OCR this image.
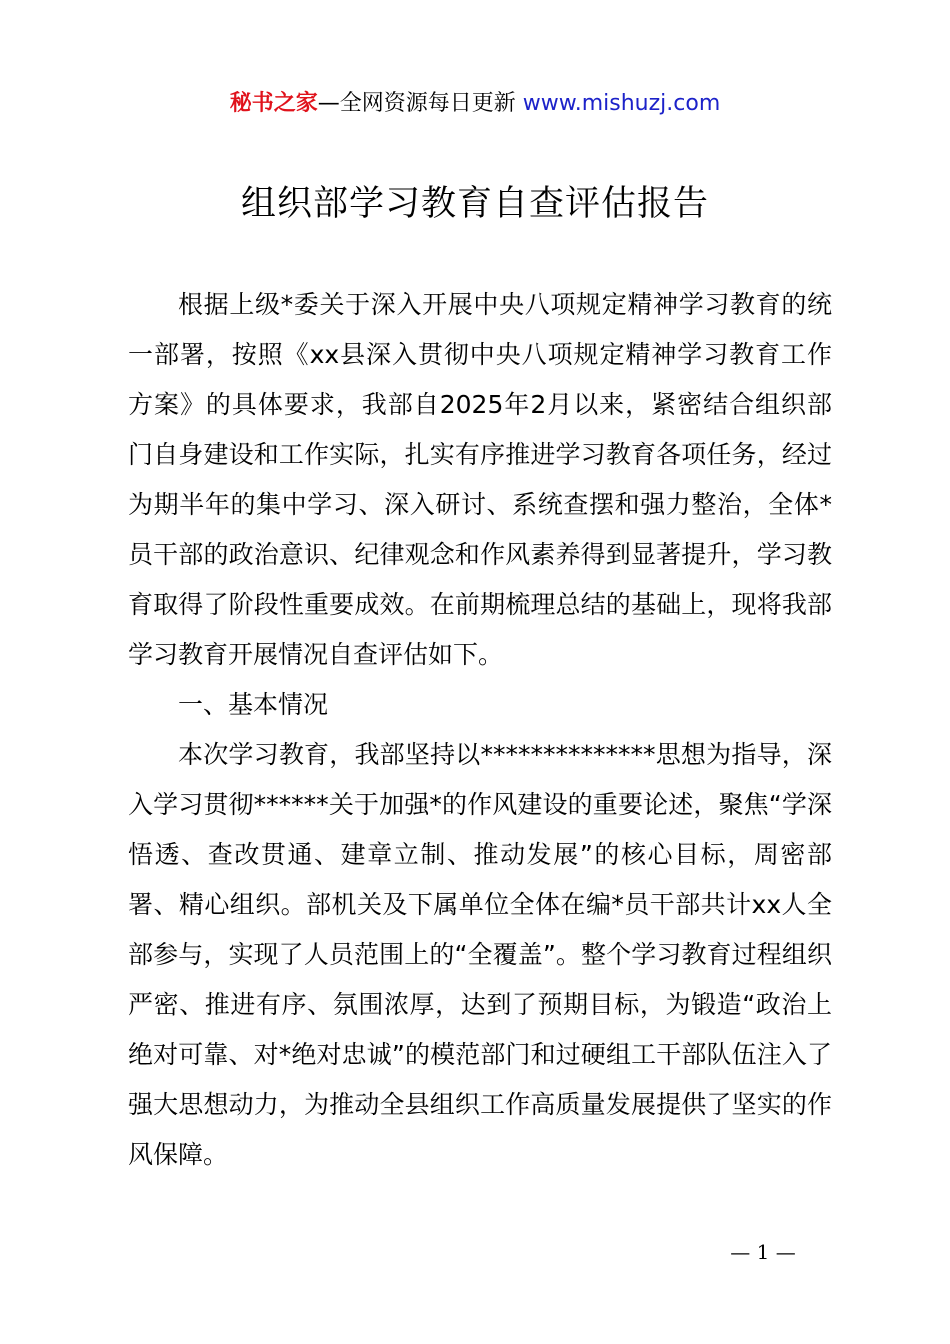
秘书之家—全网资源每日更新 www.mishuzj.com
组织部学习教育自查评估报告

根据上级*委关于深入开展中央八项规定精神学习教育的统一部署，按照《xx县深入贯彻中央八项规定精神学习教育工作方案》的具体要求，我部自2025年2月以来，紧密结合组织部门自身建设和工作实际，扎实有序推进学习教育各项任务，经过为期半年的集中学习、深入研讨、系统查摆和强力整治，全体*员干部的政治意识、纪律观念和作风素养得到显著提升，学习教育取得了阶段性重要成效。在前期梳理总结的基础上，现将我部学习教育开展情况自查评估如下。

一、基本情况

本次学习教育，我部坚持以**************思想为指导，深入学习贯彻******关于加强*的作风建设的重要论述，聚焦“学深悟透、查改贯通、建章立制、推动发展”的核心目标，周密部署、精心组织。部机关及下属单位全体在编*员干部共计xx人全部参与，实现了人员范围上的“全覆盖”。整个学习教育过程组织严密、推进有序、氛围浓厚，达到了预期目标，为锻造“政治上绝对可靠、对*绝对忠诚”的模范部门和过硬组工干部队伍注入了强大思想动力，为推动全县组织工作高质量发展提供了坚实的作风保障。

— 1 —
